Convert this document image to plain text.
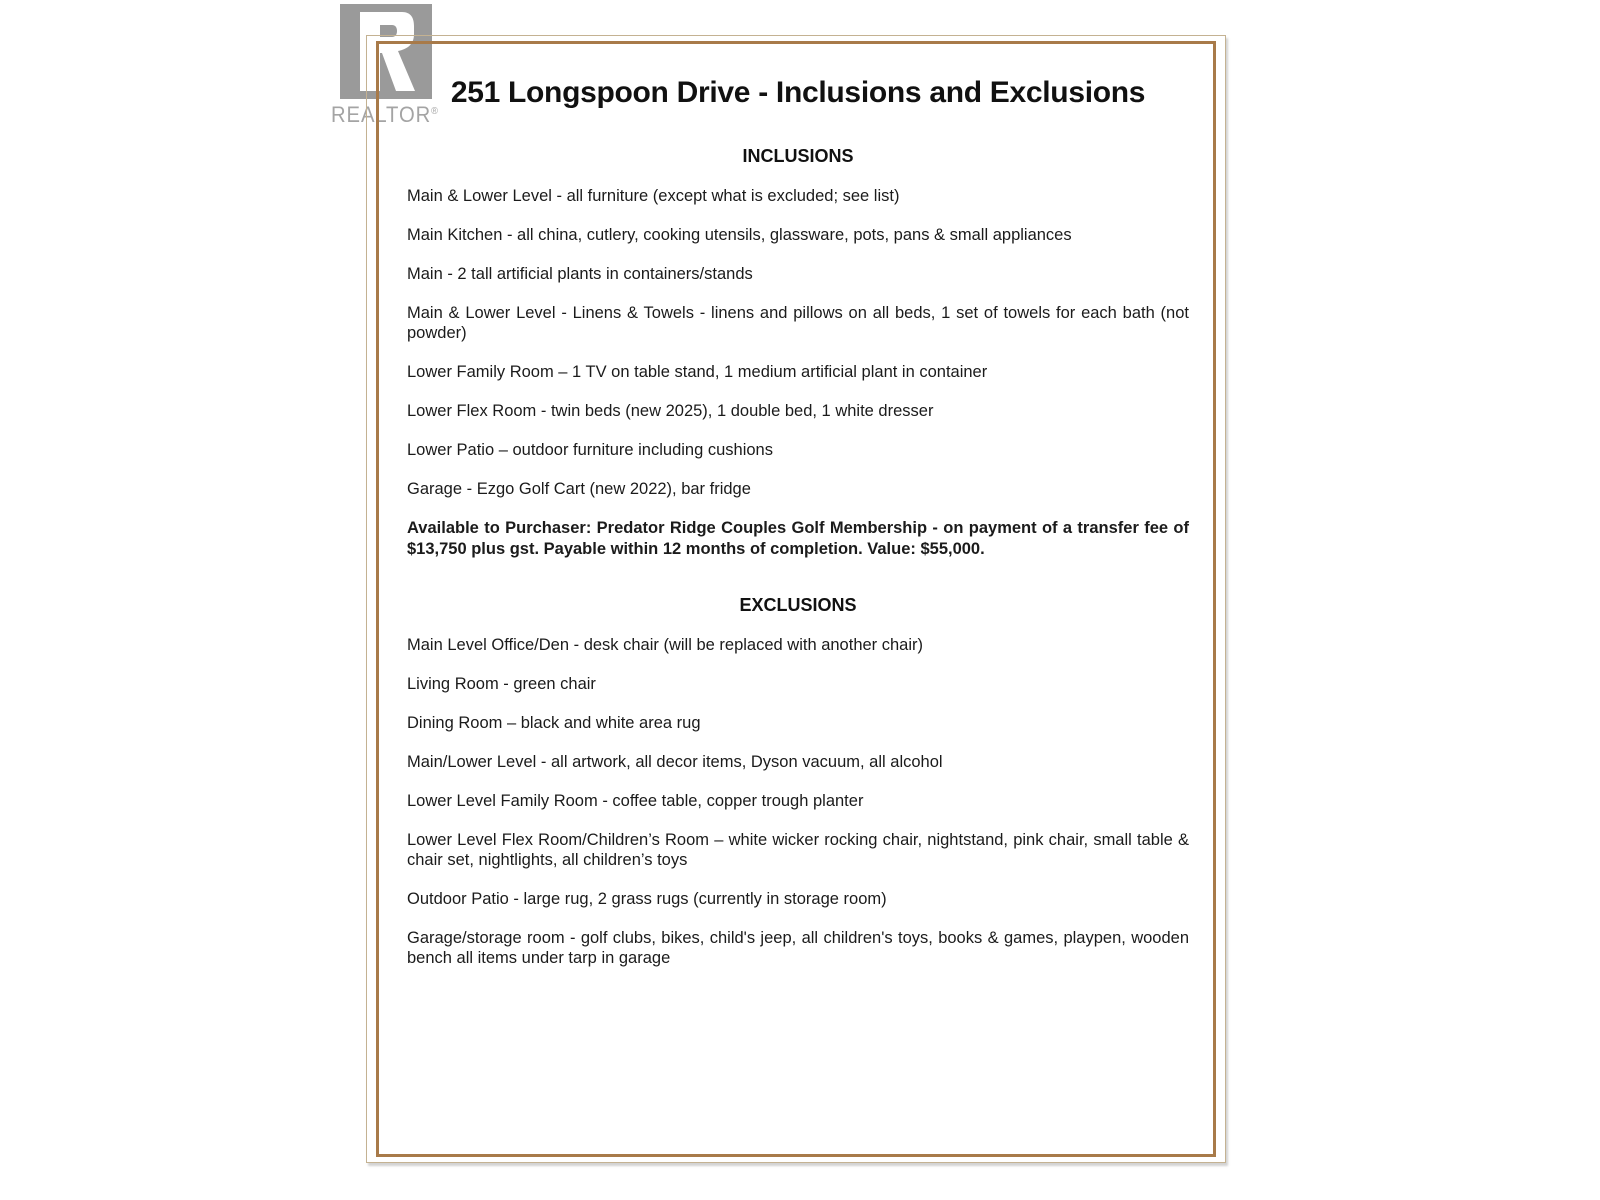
REALTOR®
251 Longspoon Drive - Inclusions and Exclusions
INCLUSIONS

Main & Lower Level - all furniture (except what is excluded; see list)

Main Kitchen - all china, cutlery, cooking utensils, glassware, pots, pans & small appliances

Main - 2 tall artificial plants in containers/stands

Main & Lower Level - Linens & Towels - linens and pillows on all beds, 1 set of towels for each bath (not powder)

Lower Family Room – 1 TV on table stand, 1 medium artificial plant in container

Lower Flex Room - twin beds (new 2025), 1 double bed, 1 white dresser

Lower Patio – outdoor furniture including cushions

Garage - Ezgo Golf Cart (new 2022), bar fridge

Available to Purchaser: Predator Ridge Couples Golf Membership - on payment of a transfer fee of $13,750 plus gst. Payable within 12 months of completion. Value: $55,000.

EXCLUSIONS

Main Level Office/Den - desk chair (will be replaced with another chair)

Living Room - green chair

Dining Room – black and white area rug

Main/Lower Level - all artwork, all decor items, Dyson vacuum, all alcohol

Lower Level Family Room - coffee table, copper trough planter

Lower Level Flex Room/Children’s Room – white wicker rocking chair, nightstand, pink chair, small table & chair set, nightlights, all children’s toys

Outdoor Patio - large rug, 2 grass rugs (currently in storage room)

Garage/storage room - golf clubs, bikes, child's jeep, all children's toys, books & games, playpen, wooden bench all items under tarp in garage
